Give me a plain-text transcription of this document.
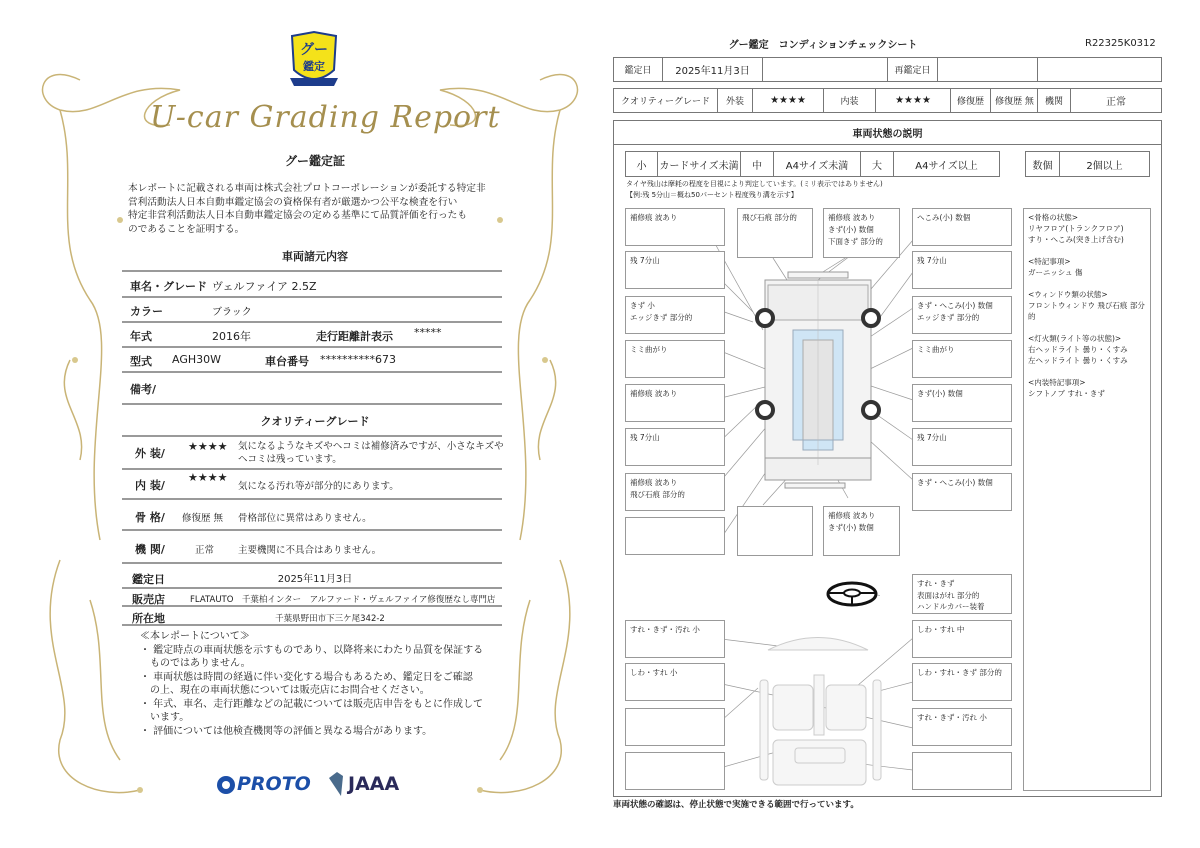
グー
鑑定
U-car Grading Report
グー鑑定証
本レポートに記載される車両は株式会社プロトコーポレーションが委託する特定非
営利活動法人日本自動車鑑定協会の資格保有者が厳選かつ公平な検査を行い
特定非営利活動法人日本自動車鑑定協会の定める基準にて品質評価を行ったも
のであることを証明する。
車両諸元内容
車名・グレード ヴェルファイア 2.5Z
カラー	ブラック
年式	2016年	走行距離計表示 *****
型式 AGH30W	車台番号 **********673
備考/
クオリティーグレード
外 装/
★★★★ 気になるようなキズやヘコミは補修済みですが、小さなキズや
ヘコミは残っています。
内 装/
★★★★
気になる汚れ等が部分的にあります。
骨 格/ 修復歴 無 骨格部位に異常はありません。
機 関/	正常	主要機関に不具合はありません。
鑑定日	2025年11月3日
販売店	FLATAUTO　千葉柏インター　アルファード・ヴェルファイア修復歴なし専門店
所在地	千葉県野田市下三ケ尾342-2
≪本レポートについて≫
・ 鑑定時点の車両状態を示すものであり、以降将来にわたり品質を保証する
　ものではありません。
・ 車両状態は時間の経過に伴い変化する場合もあるため、鑑定日をご確認
　の上、現在の車両状態については販売店にお問合せください。
・ 年式、車名、走行距離などの記載については販売店申告をもとに作成して
　います。
・ 評価については他検査機関等の評価と異なる場合があります。
PROTO JAAA
グー鑑定　コンディションチェックシート	R22325K0312
鑑定日	2025年11月3日	再鑑定日
クオリティーグレード	外装	★★★★	内装	★★★★	修復歴	修復歴 無	機関	正常
車両状態の説明
小	カードサイズ未満	中	A4サイズ未満	大	A4サイズ以上	数個	2個以上
タイヤ残山は摩耗の程度を目視により判定しています。(ミリ表示ではありません)
【例:残 5分山＝概ね50パーセント程度残り溝を示す】
補修痕 波あり
残 7分山
きず 小
エッジきず 部分的
ミミ曲がり
補修痕 波あり
残 7分山
補修痕 波あり
飛び石痕 部分的
へこみ(小) 数個
残 7分山
きず・へこみ(小) 数個
エッジきず 部分的
ミミ曲がり
きず(小) 数個
残 7分山
きず・へこみ(小) 数個
飛び石痕 部分的	補修痕 波あり
きず(小) 数個
下面きず 部分的
補修痕 波あり
きず(小) 数個
すれ・きず・汚れ 小
しわ・すれ 小
しわ・すれ 中
しわ・すれ・きず 部分的
すれ・きず・汚れ 小
すれ・きず
表面はがれ 部分的
ハンドルカバー装着
<骨格の状態>
リヤフロア(トランクフロア)
すり・へこみ(突き上げ含む)
<特記事項>
ガーニッシュ 傷
<ウィンドウ類の状態>
フロントウィンドウ 飛び石痕 部分的
<灯火類(ライト等の状態)>
右ヘッドライト 曇り・くすみ
左ヘッドライト 曇り・くすみ
<内装特記事項>
シフトノブ すれ・きず
車両状態の確認は、停止状態で実施できる範囲で行っています。
